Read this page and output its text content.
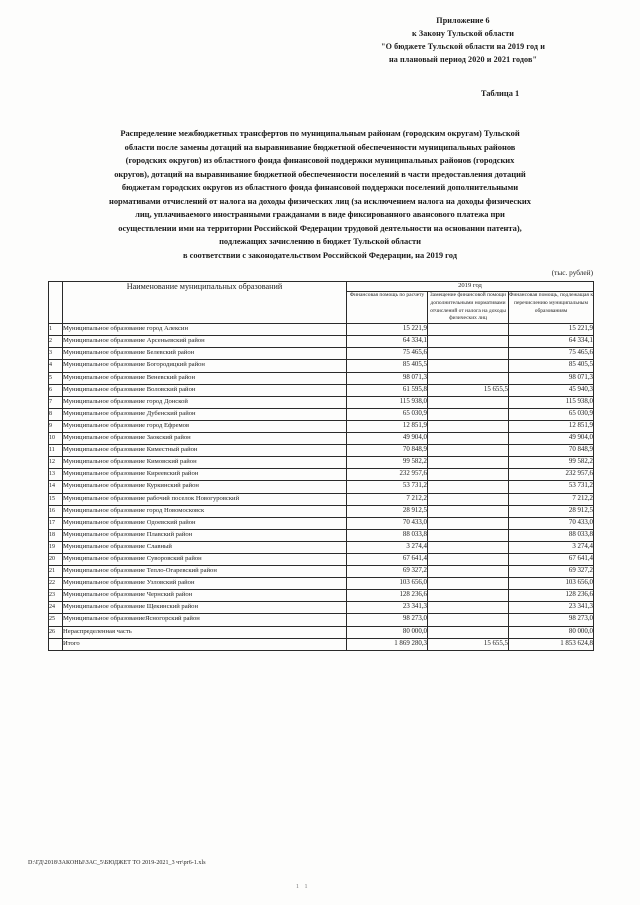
Приложение 6
к Закону Тульской области
"О бюджете Тульской области на 2019 год и
на плановый период 2020 и 2021 годов"
Таблица 1
Распределение межбюджетных трансфертов по муниципальным районам (городским округам) Тульской
области после замены дотаций на выравнивание бюджетной обеспеченности муниципальных районов
(городских округов) из областного фонда финансовой поддержки муниципальных районов (городских
округов), дотаций на выравнивание бюджетной обеспеченности поселений в части предоставления дотаций
бюджетам городских округов из областного фонда финансовой поддержки поселений дополнительными
нормативами отчислений от налога на доходы физических лиц (за исключением налога на доходы физических
лиц, уплачиваемого иностранными гражданами в виде фиксированного авансового платежа при
осуществлении ими на территории Российской Федерации трудовой деятельности на основании патента),
подлежащих зачислению в бюджет Тульской области
в соответствии с законодательством Российской Федерации, на 2019 год
(тыс. рублей)
	Наименование муниципальных образований	2019 год		
		Финансовая помощь по расчету	Замещение финансовой помощи дополнительными нормативами отчислений от налога на доходы физических лиц	Финансовая помощь, подлежащая к перечислению муниципальным образованиям
1	Муниципальное образование город Алексин	15 221,9		15 221,9
2	Муниципальное образование Арсеньевский район	64 334,1		64 334,1
3	Муниципальное образование Белевский район	75 465,6		75 465,6
4	Муниципальное образование Богородицкий район	85 405,5		85 405,5
5	Муниципальное образование Веневский район	98 071,3		98 071,3
6	Муниципальное образование Воловский район	61 595,8	15 655,5	45 940,3
7	Муниципальное образование город Донской	115 938,0		115 938,0
8	Муниципальное образование Дубенский район	65 030,9		65 030,9
9	Муниципальное образование город Ефремов	12 851,9		12 851,9
10	Муниципальное образование Заокский район	49 904,0		49 904,0
11	Муниципальное образование Киместный район	70 848,9		70 848,9
12	Муниципальное образование Кимовский район	99 582,2		99 582,2
13	Муниципальное образование Киреевский район	232 957,6		232 957,6
14	Муниципальное образование Куркинский район	53 731,2		53 731,2
15	Муниципальное образование рабочий поселок Новогуровский	7 212,2		7 212,2
16	Муниципальное образование город Новомосковск	28 912,5		28 912,5
17	Муниципальное образование Одоевский район	70 433,0		70 433,0
18	Муниципальное образование Плавский район	88 033,8		88 033,8
19	Муниципальное образование Славный	3 274,4		3 274,4
20	Муниципальное образование Суворовский район	67 641,4		67 641,4
21	Муниципальное образование Тепло-Огаревский район	69 327,2		69 327,2
22	Муниципальное образование Узловский район	103 656,0		103 656,0
23	Муниципальное образование Чернский район	128 236,6		128 236,6
24	Муниципальное образование Щекинский район	23 341,3		23 341,3
25	Муниципальное образованиеЯсногорский район	98 273,0		98 273,0
26	Нераспределенная часть	80 000,0		80 000,0
	Итого	1 869 280,3	15 655,5	1 853 624,8
D:\ГД\2018\ЗАКОНЫ\ЗАС_5\БЮДЖЕТ ТО 2019-2021_3 чт\pr6-1.xls
1 1
